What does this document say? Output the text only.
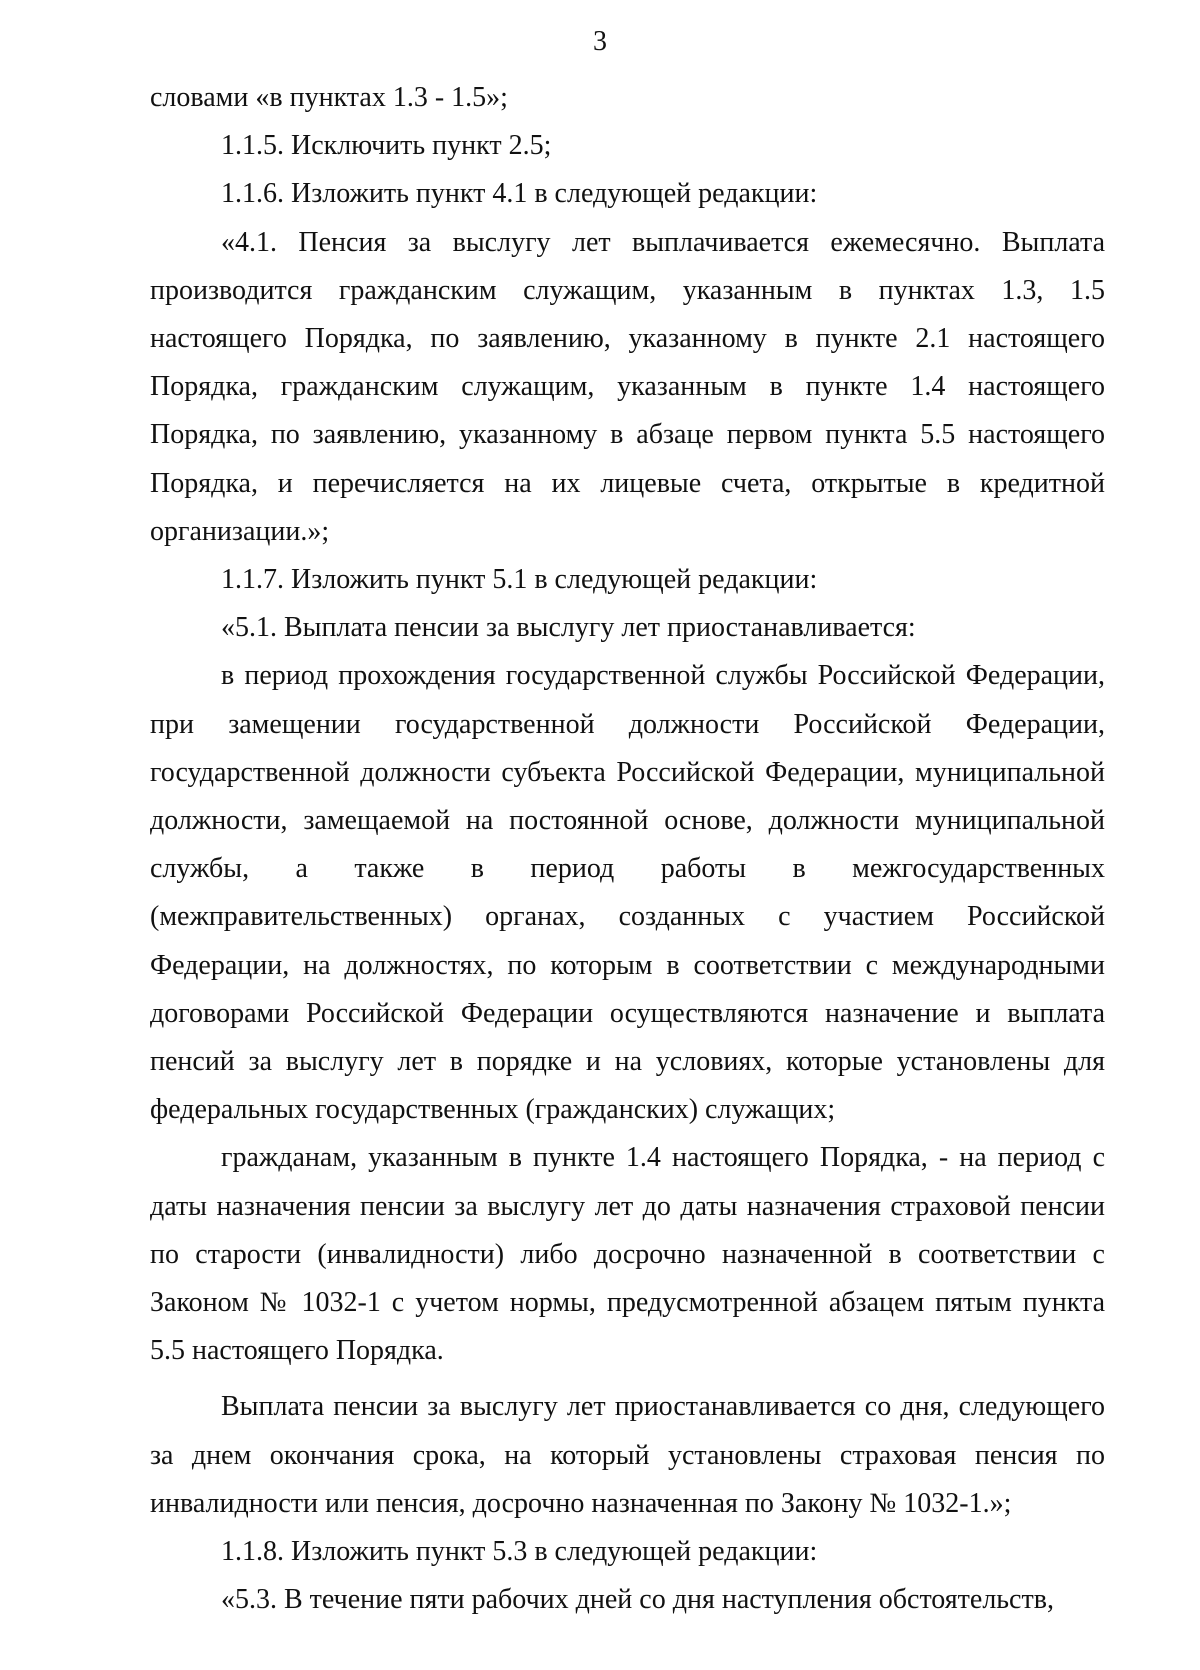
3

словами «в пунктах 1.3 - 1.5»;

1.1.5. Исключить пункт 2.5;

1.1.6. Изложить пункт 4.1 в следующей редакции:

«4.1. Пенсия за выслугу лет выплачивается ежемесячно. Выплата производится гражданским служащим, указанным в пунктах 1.3, 1.5 настоящего Порядка, по заявлению, указанному в пункте 2.1 настоящего Порядка, гражданским служащим, указанным в пункте 1.4 настоящего Порядка, по заявлению, указанному в абзаце первом пункта 5.5 настоящего Порядка, и перечисляется на их лицевые счета, открытые в кредитной организации.»;

1.1.7. Изложить пункт 5.1 в следующей редакции:

«5.1. Выплата пенсии за выслугу лет приостанавливается:

в период прохождения государственной службы Российской Федерации, при замещении государственной должности Российской Федерации, государственной должности субъекта Российской Федерации, муниципальной должности, замещаемой на постоянной основе, должности муниципальной службы, а также в период работы в межгосударственных (межправительственных) органах, созданных с участием Российской Федерации, на должностях, по которым в соответствии с международными договорами Российской Федерации осуществляются назначение и выплата пенсий за выслугу лет в порядке и на условиях, которые установлены для федеральных государственных (гражданских) служащих;

гражданам, указанным в пункте 1.4 настоящего Порядка, - на период с даты назначения пенсии за выслугу лет до даты назначения страховой пенсии по старости (инвалидности) либо досрочно назначенной в соответствии с Законом № 1032-1 с учетом нормы, предусмотренной абзацем пятым пункта 5.5 настоящего Порядка.

Выплата пенсии за выслугу лет приостанавливается со дня, следующего за днем окончания срока, на который установлены страховая пенсия по инвалидности или пенсия, досрочно назначенная по Закону № 1032-1.»;

1.1.8. Изложить пункт 5.3 в следующей редакции:

«5.3. В течение пяти рабочих дней со дня наступления обстоятельств,
